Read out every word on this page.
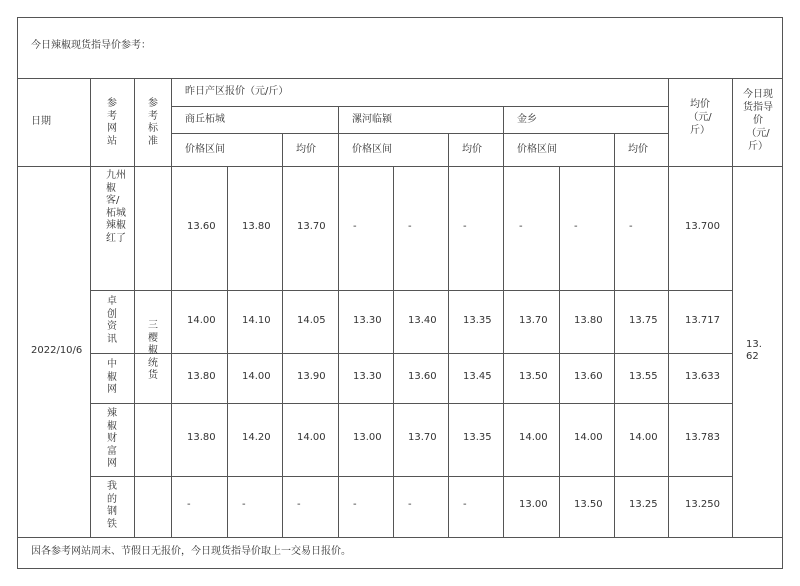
今日辣椒现货指导价参考：
日期
参考网站
参考标准
昨日产区报价（元/斤）
商丘柘城	漯河临颍	金乡
价格区间	均价	价格区间	均价	价格区间	均价
均价（元/斤）
今日现货指导价（元/斤）
2022/10/6
三樱椒统货
13.62
九州椒客/柘城辣椒红了
13.60	13.80	13.70	-	-	-	-	-	-	13.700
卓创资讯
14.00	14.10	14.05	13.30	13.40	13.35	13.70	13.80	13.75	13.717
中椒网
13.80	14.00	13.90	13.30	13.60	13.45	13.50	13.60	13.55	13.633
辣椒财富网
13.80	14.20	14.00	13.00	13.70	13.35	14.00	14.00	14.00	13.783
我的钢铁
-	-	-	-	-	-	13.00	13.50	13.25	13.250
因各参考网站周末、节假日无报价，今日现货指导价取上一交易日报价。
